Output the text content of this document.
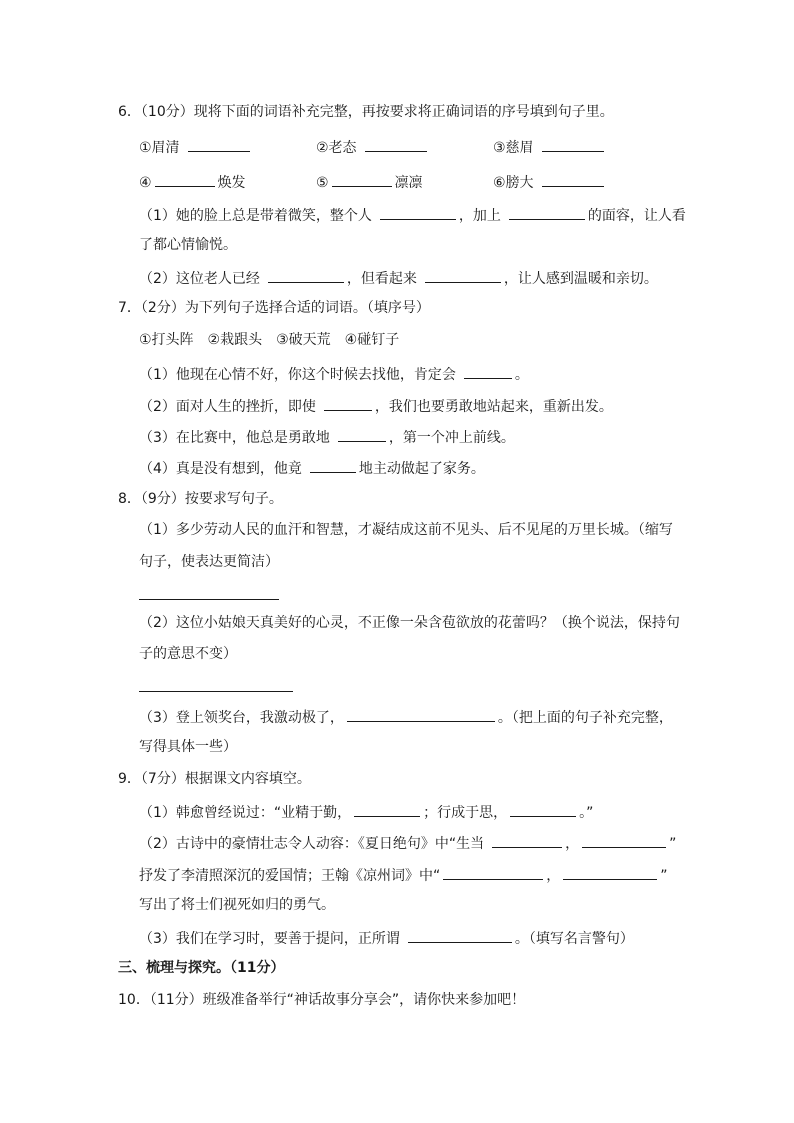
6．（10分）现将下面的词语补充完整，再按要求将正确词语的序号填到句子里。
①眉清	②老态	③慈眉
④	焕发	⑤	凛凛	⑥膀大
（1）她的脸上总是带着微笑，整个人	，加上	的面容，让人看
了都心情愉悦。
（2）这位老人已经	，但看起来	，让人感到温暖和亲切。
7．（2分）为下列句子选择合适的词语。（填序号）
①打头阵　②栽跟头　③破天荒　④碰钉子
（1）他现在心情不好，你这个时候去找他，肯定会	。
（2）面对人生的挫折，即使	，我们也要勇敢地站起来，重新出发。
（3）在比赛中，他总是勇敢地	，第一个冲上前线。
（4）真是没有想到，他竟	地主动做起了家务。
8．（9分）按要求写句子。
（1）多少劳动人民的血汗和智慧，才凝结成这前不见头、后不见尾的万里长城。（缩写
句子，使表达更简洁）
（2）这位小姑娘天真美好的心灵，不正像一朵含苞欲放的花蕾吗？（换个说法，保持句
子的意思不变）
（3）登上领奖台，我激动极了，	。（把上面的句子补充完整，
写得具体一些）
9．（7分）根据课文内容填空。
（1）韩愈曾经说过：“业精于勤，	；行成于思，	。”
（2）古诗中的豪情壮志令人动容：《夏日绝句》中“生当	，	”
抒发了李清照深沉的爱国情；王翰《凉州词》中“	，	”
写出了将士们视死如归的勇气。
（3）我们在学习时，要善于提问，正所谓	。（填写名言警句）
三、梳理与探究。（11分）
10．（11分）班级准备举行“神话故事分享会”，请你快来参加吧！
